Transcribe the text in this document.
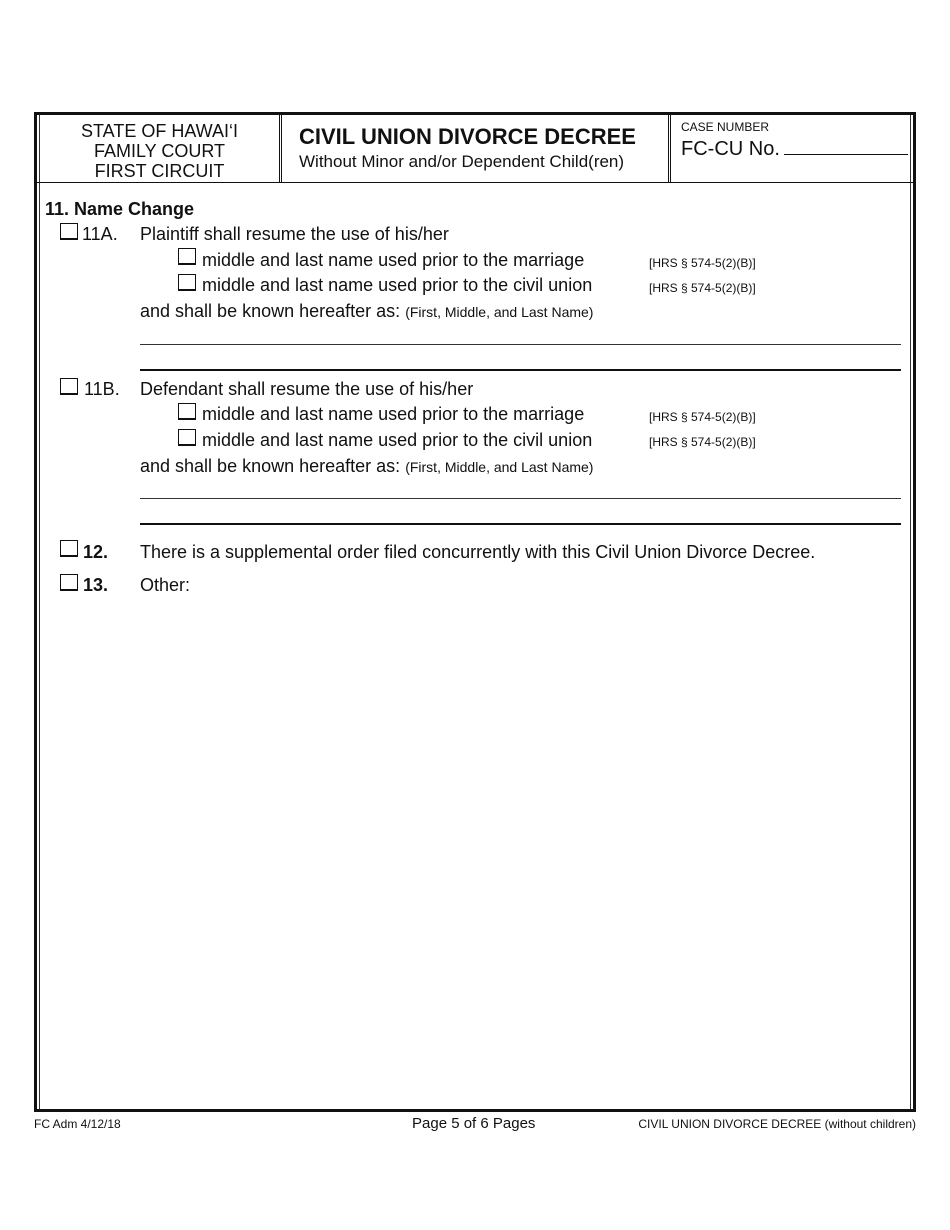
STATE OF HAWAI‘I
FAMILY COURT
FIRST CIRCUIT
CIVIL UNION DIVORCE DECREE
Without Minor and/or Dependent Child(ren)
CASE NUMBER
FC-CU No.
11. Name Change
11A. Plaintiff shall resume the use of his/her
middle and last name used prior to the marriage	[HRS § 574-5(2)(B)]
middle and last name used prior to the civil union	[HRS § 574-5(2)(B)]
and shall be known hereafter as: (First, Middle, and Last Name)
11B. Defendant shall resume the use of his/her
middle and last name used prior to the marriage	[HRS § 574-5(2)(B)]
middle and last name used prior to the civil union	[HRS § 574-5(2)(B)]
and shall be known hereafter as: (First, Middle, and Last Name)
12. There is a supplemental order filed concurrently with this Civil Union Divorce Decree.
13. Other:
FC Adm 4/12/18	Page 5 of 6 Pages	CIVIL UNION DIVORCE DECREE (without children)
